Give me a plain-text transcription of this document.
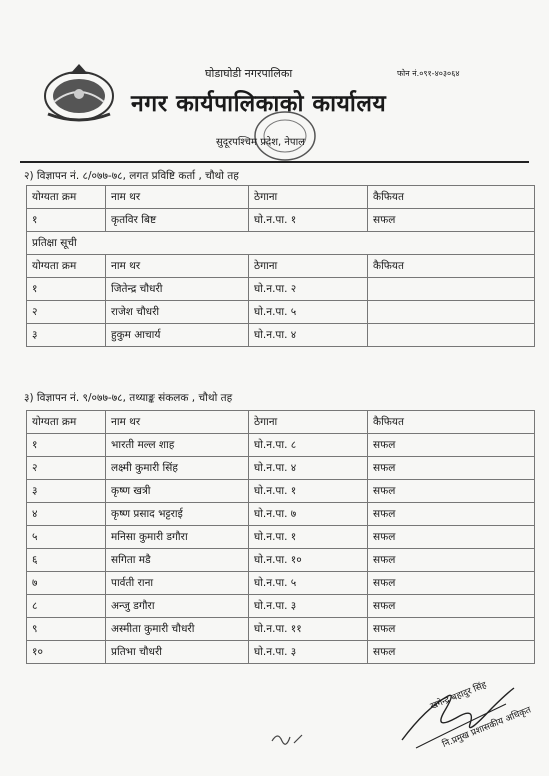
घोडाघोडी नगरपालिका	फोन नं.०९१-४०३०६४
नगर कार्यपालिकाको कार्यालय
सुदूरपश्चिम प्रदेश, नेपाल
२) विज्ञापन नं. ८/०७७-७८, लगत प्रविष्टि कर्ता , चौथो तह
योग्यता क्रम	नाम थर	ठेगाना	कैफियत
१	कृतविर बिष्ट	घो.न.पा. १	सफल
प्रतिक्षा सूची			
योग्यता क्रम	नाम थर	ठेगाना	कैफियत
१	जितेन्द्र चौधरी	घो.न.पा. २	
२	राजेश चौधरी	घो.न.पा. ५	
३	हुकुम आचार्य	घो.न.पा. ४	
३) विज्ञापन नं. ९/०७७-७८, तथ्याङ्क संकलक , चौथो तह
योग्यता क्रम	नाम थर	ठेगाना	कैफियत
१	भारती मल्ल शाह	घो.न.पा. ८	सफल
२	लक्ष्मी कुमारी सिंह	घो.न.पा. ४	सफल
३	कृष्ण खत्री	घो.न.पा. १	सफल
४	कृष्ण प्रसाद भट्टराई	घो.न.पा. ७	सफल
५	मनिसा कुमारी डगौरा	घो.न.पा. १	सफल
६	सगिता मडै	घो.न.पा. १०	सफल
७	पार्वती राना	घो.न.पा. ५	सफल
८	अन्जु डगौरा	घो.न.पा. ३	सफल
९	अस्मीता कुमारी चौधरी	घो.न.पा. ११	सफल
१०	प्रतिभा चौधरी	घो.न.पा. ३	सफल
खगेन्द्र बहादुर सिंह
नि.प्रमुख प्रशासकीय अधिकृत
